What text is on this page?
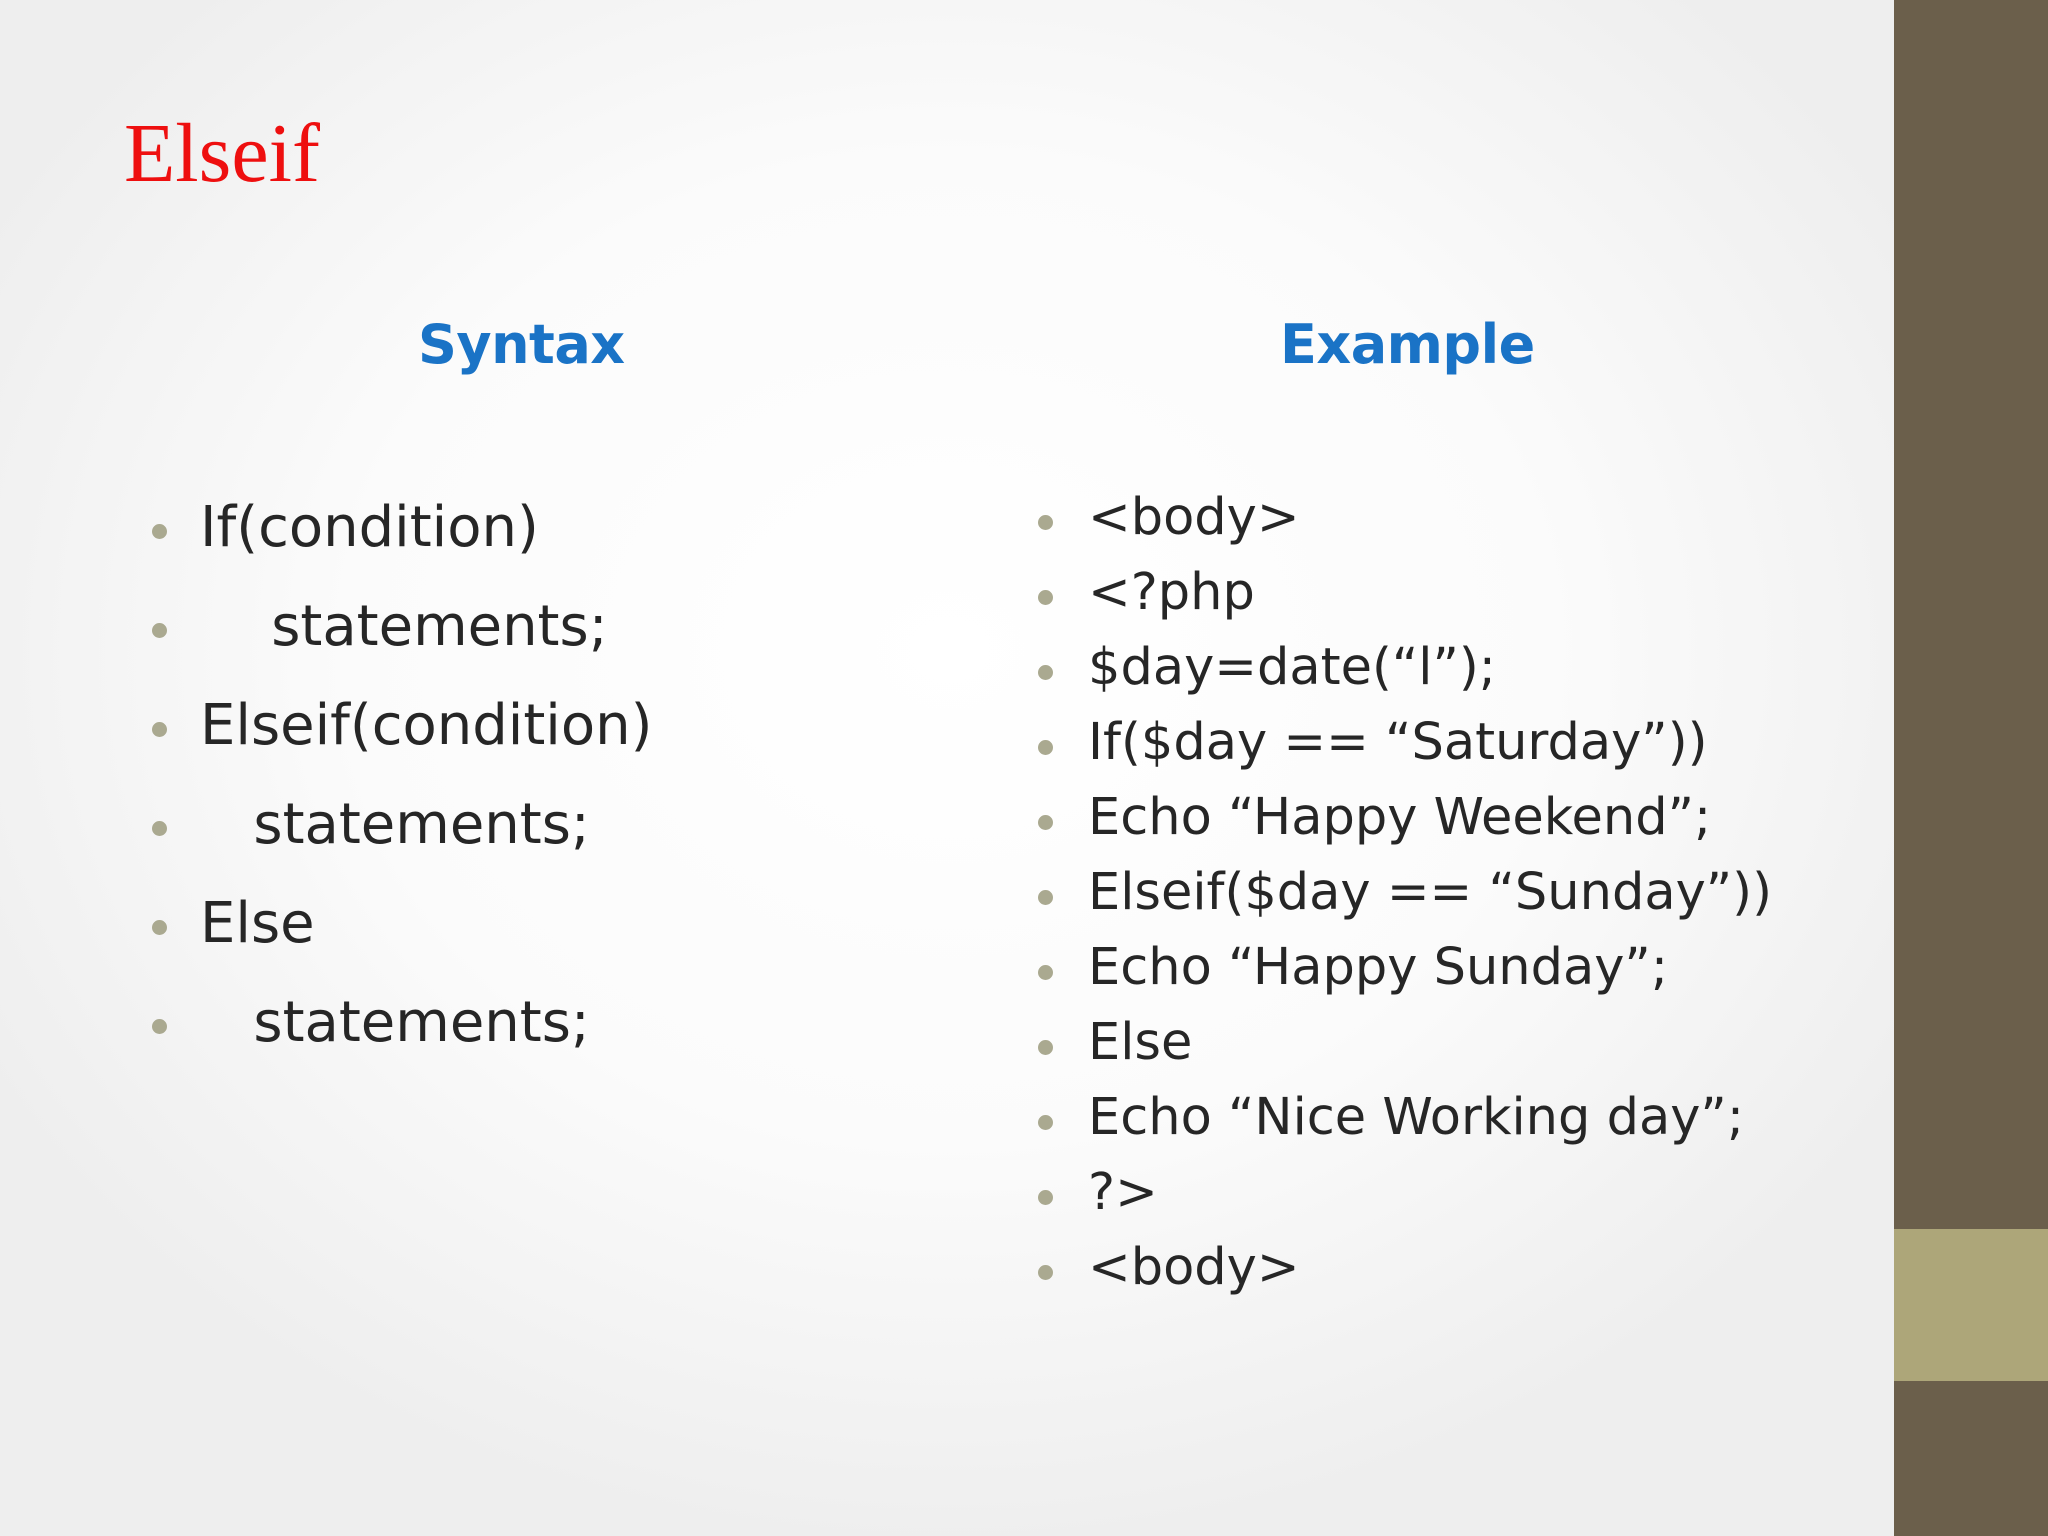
Elseif
Syntax	Example
If(condition)
statements;
Elseif(condition)
statements;
Else
statements;
<body>
<?php
$day=date(“l”);
If($day == “Saturday”))
Echo “Happy Weekend”;
Elseif($day == “Sunday”))
Echo “Happy Sunday”;
Else
Echo “Nice Working day”;
?>
<body>
